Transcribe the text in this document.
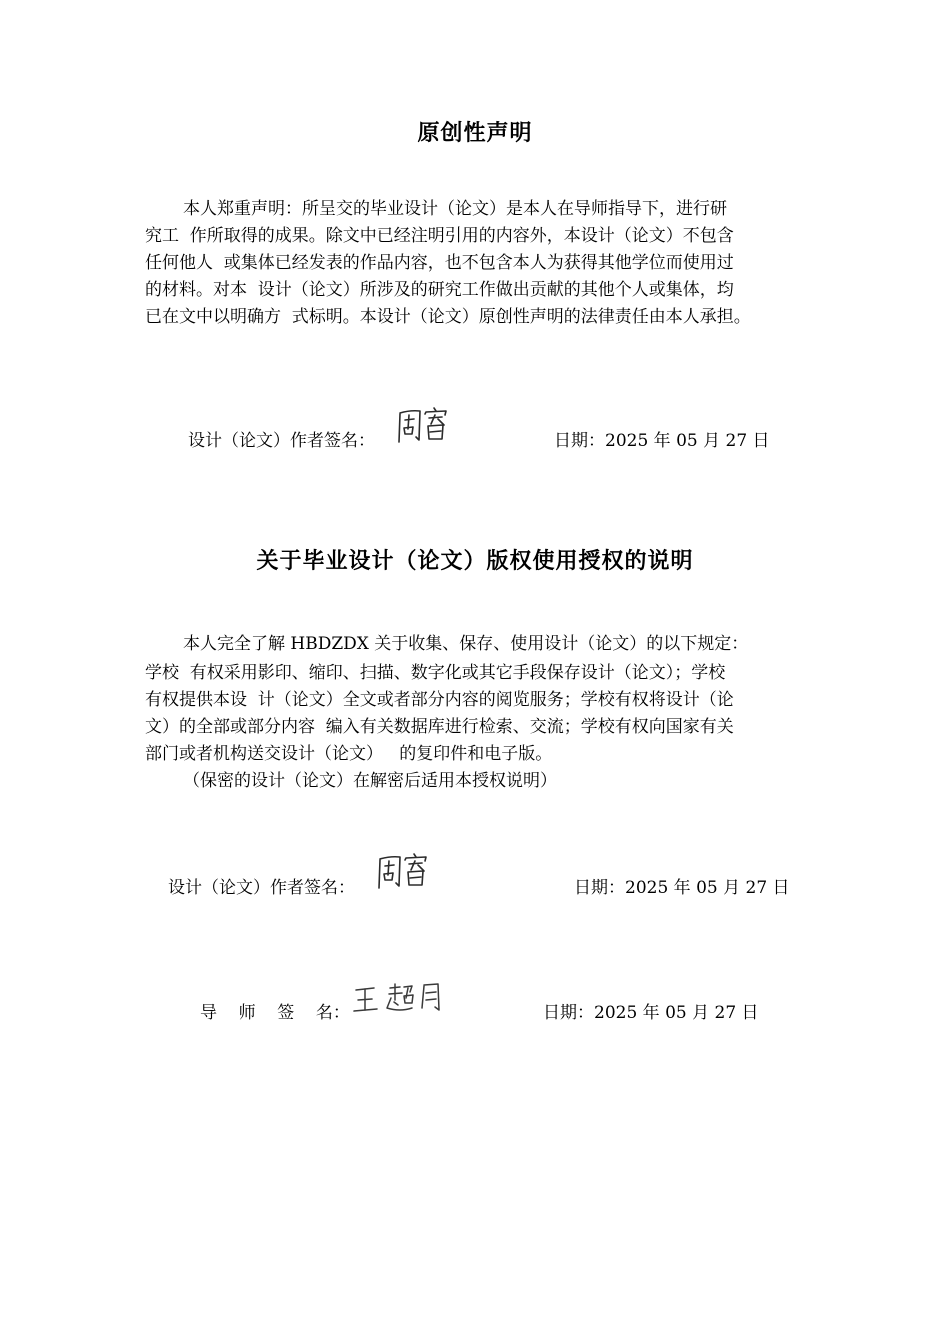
原创性声明

本人郑重声明：所呈交的毕业设计（论文）是本人在导师指导下，进行研

究工  作所取得的成果。除文中已经注明引用的内容外，本设计（论文）不包含

任何他人  或集体已经发表的作品内容，也不包含本人为获得其他学位而使用过

的材料。对本  设计（论文）所涉及的研究工作做出贡献的其他个人或集体，均

已在文中以明确方  式标明。本设计（论文）原创性声明的法律责任由本人承担。

设计（论文）作者签名：	日期：2025 年 05 月 27 日
关于毕业设计（论文）版权使用授权的说明

本人完全了解 HBDZDX 关于收集、保存、使用设计（论文）的以下规定：

学校  有权采用影印、缩印、扫描、数字化或其它手段保存设计（论文）；学校

有权提供本设  计（论文）全文或者部分内容的阅览服务；学校有权将设计（论

文）的全部或部分内容  编入有关数据库进行检索、交流；学校有权向国家有关

部门或者机构送交设计（论文）   的复印件和电子版。

（保密的设计（论文）在解密后适用本授权说明）

设计（论文）作者签名：	日期：2025 年 05 月 27 日
导    师    签    名：	日期：2025 年 05 月 27 日
